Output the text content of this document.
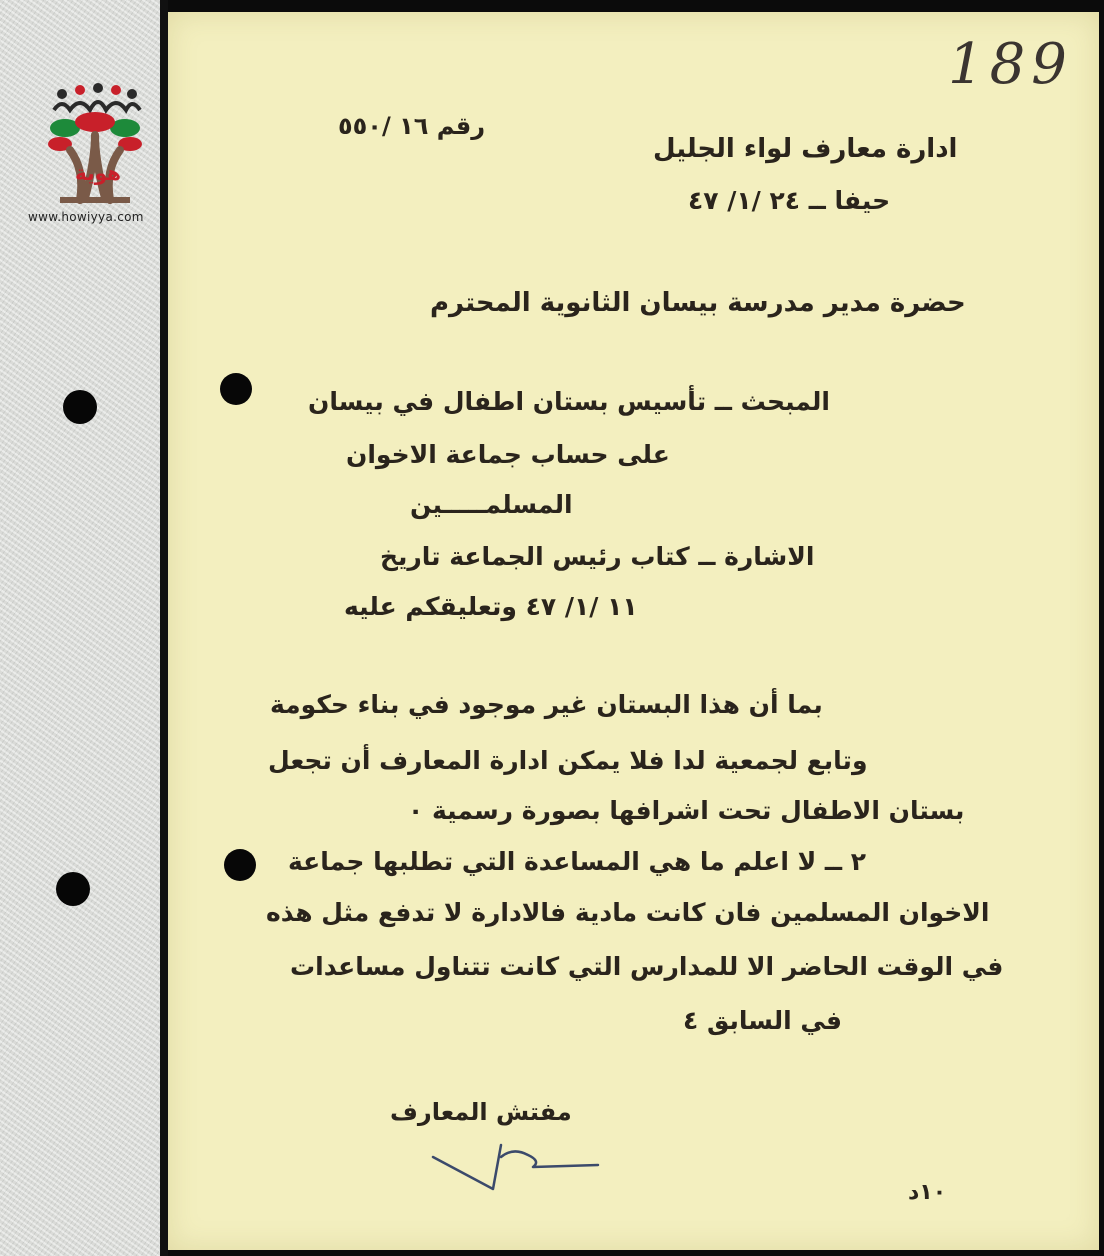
هوية
www.howiyya.com
189
رقم ١٦ /٥٥٠
ادارة معارف لواء الجليل
حيفا ــ ٢٤ /١/ ٤٧
حضرة مدير مدرسة بيسان الثانوية المحترم
المبحث ــ تأسيس بستان اطفال في بيسان
على حساب جماعة الاخوان
المسلمـــــين
الاشارة ــ كتاب رئيس الجماعة تاريخ
١١ /١/ ٤٧ وتعليقكم عليه
بما أن هذا البستان غير موجود في بناء حكومة
وتابع لجمعية لدا فلا يمكن ادارة المعارف أن تجعل
بستان الاطفال تحت اشرافها بصورة رسمية ٠
٢ ــ لا اعلم ما هي المساعدة التي تطلبها جماعة
الاخوان المسلمين فان كانت مادية فالادارة لا تدفع مثل هذه
في الوقت الحاضر الا للمدارس التي كانت تتناول مساعدات
في السابق ٤
مفتش المعارف
١٠د
